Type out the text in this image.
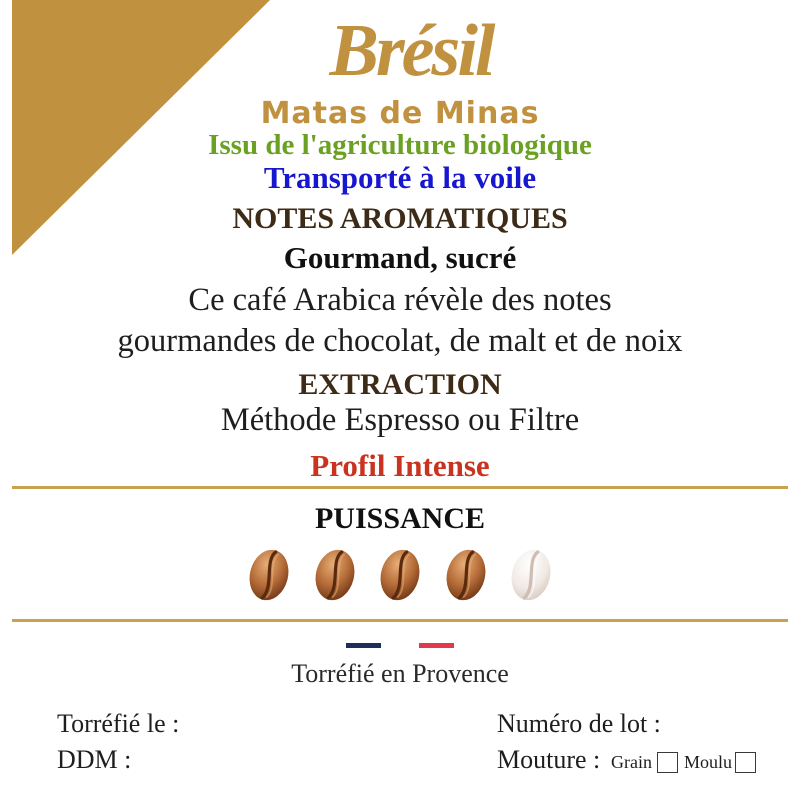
Brésil
Matas de Minas
Issu de l'agriculture biologique
Transporté à la voile
NOTES AROMATIQUES
Gourmand, sucré
Ce café Arabica révèle des notes
gourmandes de chocolat, de malt et de noix
EXTRACTION
Méthode Espresso ou Filtre
Profil Intense
PUISSANCE
Torréfié en Provence
Torréfié le :
DDM :
Numéro de lot :
Mouture : Grain Moulu
